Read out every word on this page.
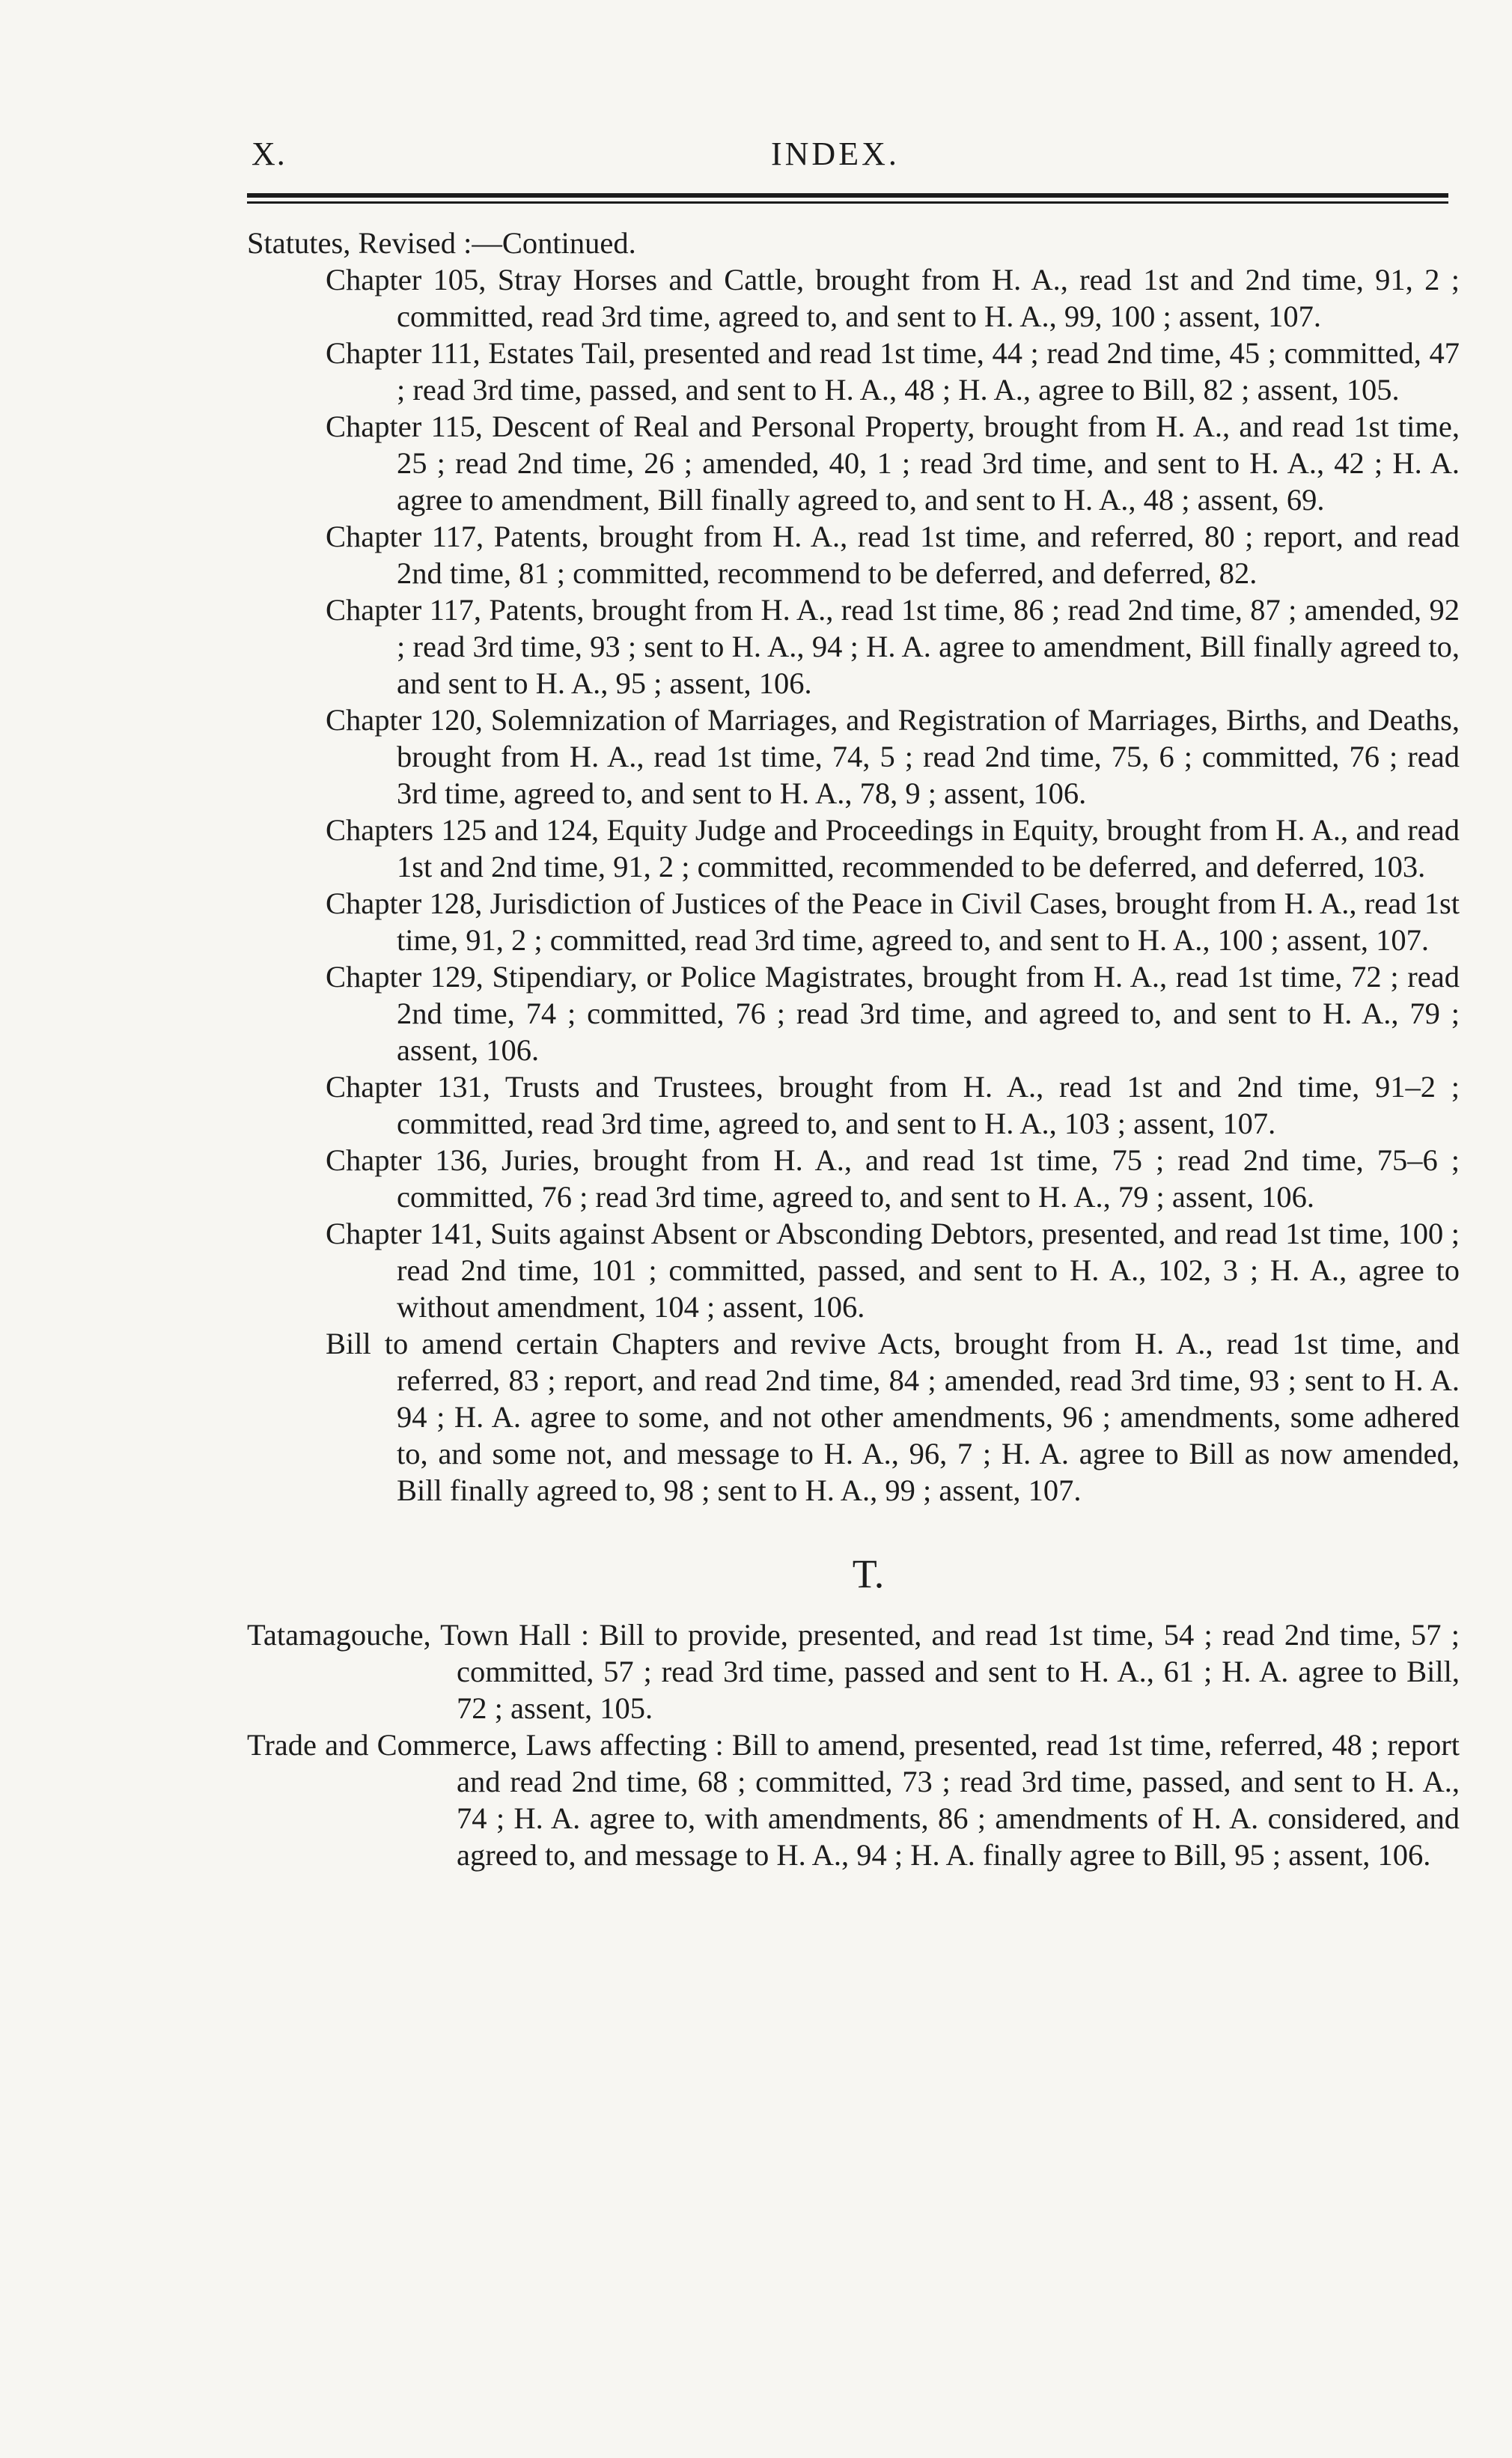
X.	INDEX.

Statutes, Revised :—Continued.

Chapter 105, Stray Horses and Cattle, brought from H. A., read 1st and 2nd time, 91, 2 ; committed, read 3rd time, agreed to, and sent to H. A., 99, 100 ; assent, 107.

Chapter 111, Estates Tail, presented and read 1st time, 44 ; read 2nd time, 45 ; committed, 47 ; read 3rd time, passed, and sent to H. A., 48 ; H. A., agree to Bill, 82 ; assent, 105.

Chapter 115, Descent of Real and Personal Property, brought from H. A., and read 1st time, 25 ; read 2nd time, 26 ; amended, 40, 1 ; read 3rd time, and sent to H. A., 42 ; H. A. agree to amendment, Bill finally agreed to, and sent to H. A., 48 ; assent, 69.

Chapter 117, Patents, brought from H. A., read 1st time, and referred, 80 ; report, and read 2nd time, 81 ; committed, recommend to be deferred, and deferred, 82.

Chapter 117, Patents, brought from H. A., read 1st time, 86 ; read 2nd time, 87 ; amended, 92 ; read 3rd time, 93 ; sent to H. A., 94 ; H. A. agree to amendment, Bill finally agreed to, and sent to H. A., 95 ; assent, 106.

Chapter 120, Solemnization of Marriages, and Registration of Marriages, Births, and Deaths, brought from H. A., read 1st time, 74, 5 ; read 2nd time, 75, 6 ; committed, 76 ; read 3rd time, agreed to, and sent to H. A., 78, 9 ; assent, 106.

Chapters 125 and 124, Equity Judge and Proceedings in Equity, brought from H. A., and read 1st and 2nd time, 91, 2 ; committed, recommended to be deferred, and deferred, 103.

Chapter 128, Jurisdiction of Justices of the Peace in Civil Cases, brought from H. A., read 1st time, 91, 2 ; committed, read 3rd time, agreed to, and sent to H. A., 100 ; assent, 107.

Chapter 129, Stipendiary, or Police Magistrates, brought from H. A., read 1st time, 72 ; read 2nd time, 74 ; committed, 76 ; read 3rd time, and agreed to, and sent to H. A., 79 ; assent, 106.

Chapter 131, Trusts and Trustees, brought from H. A., read 1st and 2nd time, 91–2 ; committed, read 3rd time, agreed to, and sent to H. A., 103 ; assent, 107.

Chapter 136, Juries, brought from H. A., and read 1st time, 75 ; read 2nd time, 75–6 ; committed, 76 ; read 3rd time, agreed to, and sent to H. A., 79 ; assent, 106.

Chapter 141, Suits against Absent or Absconding Debtors, presented, and read 1st time, 100 ; read 2nd time, 101 ; committed, passed, and sent to H. A., 102, 3 ; H. A., agree to without amendment, 104 ; assent, 106.

Bill to amend certain Chapters and revive Acts, brought from H. A., read 1st time, and referred, 83 ; report, and read 2nd time, 84 ; amended, read 3rd time, 93 ; sent to H. A. 94 ; H. A. agree to some, and not other amendments, 96 ; amendments, some adhered to, and some not, and message to H. A., 96, 7 ; H. A. agree to Bill as now amended, Bill finally agreed to, 98 ; sent to H. A., 99 ; assent, 107.

T.

Tatamagouche, Town Hall : Bill to provide, presented, and read 1st time, 54 ; read 2nd time, 57 ; committed, 57 ; read 3rd time, passed and sent to H. A., 61 ; H. A. agree to Bill, 72 ; assent, 105.

Trade and Commerce, Laws affecting : Bill to amend, presented, read 1st time, referred, 48 ; report and read 2nd time, 68 ; committed, 73 ; read 3rd time, passed, and sent to H. A., 74 ; H. A. agree to, with amendments, 86 ; amendments of H. A. considered, and agreed to, and message to H. A., 94 ; H. A. finally agree to Bill, 95 ; assent, 106.
